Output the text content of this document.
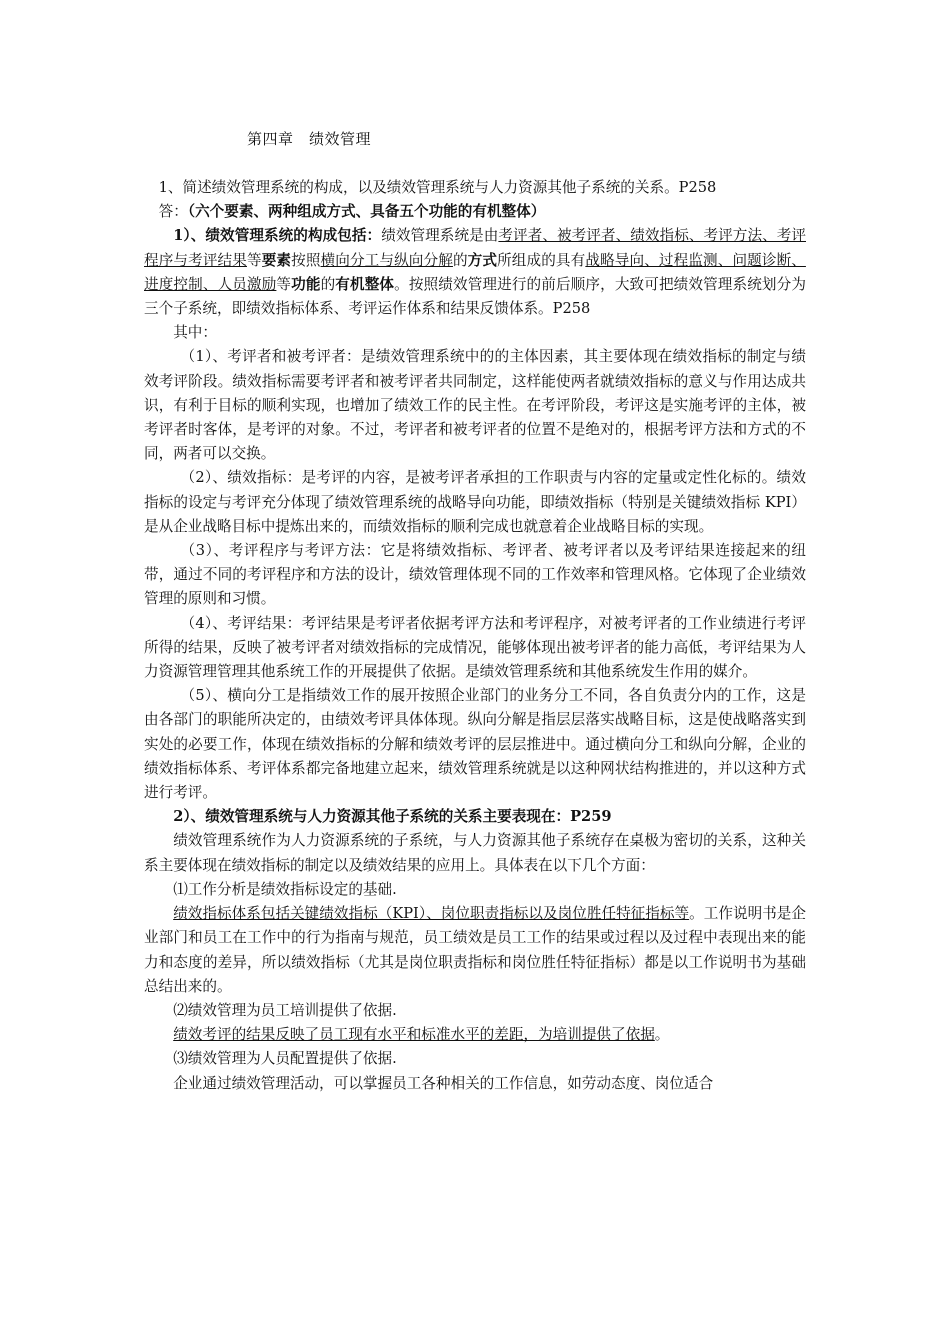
第四章　绩效管理

1、简述绩效管理系统的构成，以及绩效管理系统与人力资源其他子系统的关系。P258

答：（六个要素、两种组成方式、具备五个功能的有机整体）

1）、绩效管理系统的构成包括：绩效管理系统是由考评者、被考评者、绩效指标、考评方法、考评程序与考评结果等要素按照横向分工与纵向分解的方式所组成的具有战略导向、过程监测、问题诊断、进度控制、人员激励等功能的有机整体。按照绩效管理进行的前后顺序，大致可把绩效管理系统划分为三个子系统，即绩效指标体系、考评运作体系和结果反馈体系。P258

其中：

（1）、考评者和被考评者：是绩效管理系统中的的主体因素，其主要体现在绩效指标的制定与绩效考评阶段。绩效指标需要考评者和被考评者共同制定，这样能使两者就绩效指标的意义与作用达成共识，有利于目标的顺利实现，也增加了绩效工作的民主性。在考评阶段，考评这是实施考评的主体，被考评者时客体，是考评的对象。不过，考评者和被考评者的位置不是绝对的，根据考评方法和方式的不同，两者可以交换。

（2）、绩效指标：是考评的内容，是被考评者承担的工作职责与内容的定量或定性化标的。绩效指标的设定与考评充分体现了绩效管理系统的战略导向功能，即绩效指标（特别是关键绩效指标 KPI）是从企业战略目标中提炼出来的，而绩效指标的顺利完成也就意着企业战略目标的实现。

（3）、考评程序与考评方法：它是将绩效指标、考评者、被考评者以及考评结果连接起来的纽带，通过不同的考评程序和方法的设计，绩效管理体现不同的工作效率和管理风格。它体现了企业绩效管理的原则和习惯。

（4）、考评结果：考评结果是考评者依据考评方法和考评程序，对被考评者的工作业绩进行考评所得的结果，反映了被考评者对绩效指标的完成情况，能够体现出被考评者的能力高低，考评结果为人力资源管理管理其他系统工作的开展提供了依据。是绩效管理系统和其他系统发生作用的媒介。

（5）、横向分工是指绩效工作的展开按照企业部门的业务分工不同，各自负责分内的工作，这是由各部门的职能所决定的，由绩效考评具体体现。纵向分解是指层层落实战略目标，这是使战略落实到实处的必要工作，体现在绩效指标的分解和绩效考评的层层推进中。通过横向分工和纵向分解，企业的绩效指标体系、考评体系都完备地建立起来，绩效管理系统就是以这种网状结构推进的，并以这种方式进行考评。

2）、绩效管理系统与人力资源其他子系统的关系主要表现在：P259

绩效管理系统作为人力资源系统的子系统，与人力资源其他子系统存在桌极为密切的关系，这种关系主要体现在绩效指标的制定以及绩效结果的应用上。具体表在以下几个方面：

⑴工作分析是绩效指标设定的基础.

绩效指标体系包括关键绩效指标（KPI）、岗位职责指标以及岗位胜任特征指标等。工作说明书是企业部门和员工在工作中的行为指南与规范，员工绩效是员工工作的结果或过程以及过程中表现出来的能力和态度的差异，所以绩效指标（尤其是岗位职责指标和岗位胜任特征指标）都是以工作说明书为基础总结出来的。

⑵绩效管理为员工培训提供了依据.

绩效考评的结果反映了员工现有水平和标准水平的差距，为培训提供了依据。

⑶绩效管理为人员配置提供了依据.

企业通过绩效管理活动，可以掌握员工各种相关的工作信息，如劳动态度、岗位适合
